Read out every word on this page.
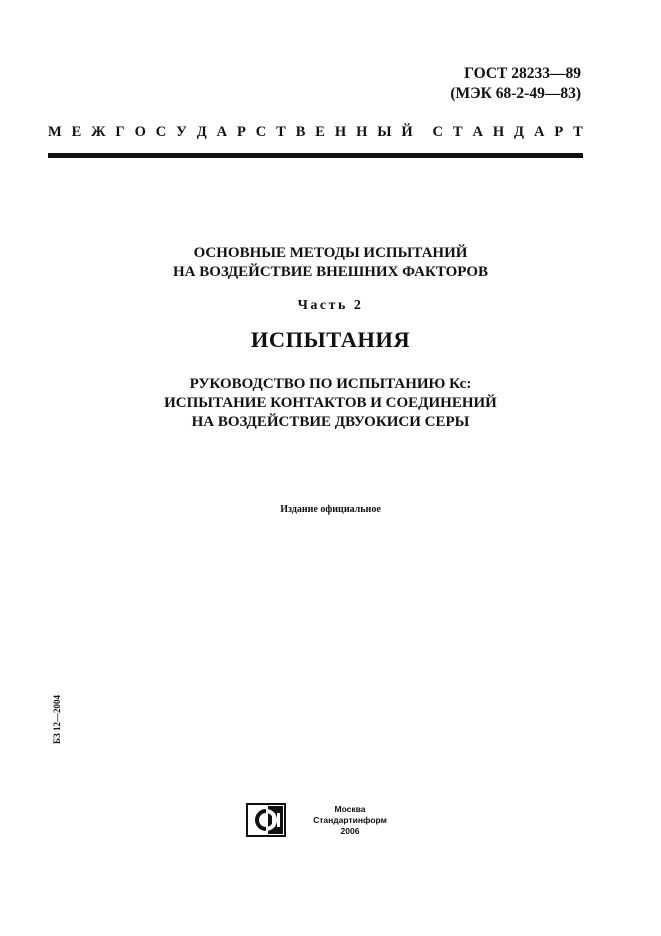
ГОСТ 28233—89
(МЭК 68-2-49—83)
М Е Ж Г О С У Д А Р С Т В Е Н Н Ы Й С Т А Н Д А Р Т
ОСНОВНЫЕ МЕТОДЫ ИСПЫТАНИЙ
НА ВОЗДЕЙСТВИЕ ВНЕШНИХ ФАКТОРОВ
Часть 2
ИСПЫТАНИЯ
РУКОВОДСТВО ПО ИСПЫТАНИЮ Кс:
ИСПЫТАНИЕ КОНТАКТОВ И СОЕДИНЕНИЙ
НА ВОЗДЕЙСТВИЕ ДВУОКИСИ СЕРЫ
Издание официальное
БЗ 12—2004
Москва
Стандартинформ
2006
